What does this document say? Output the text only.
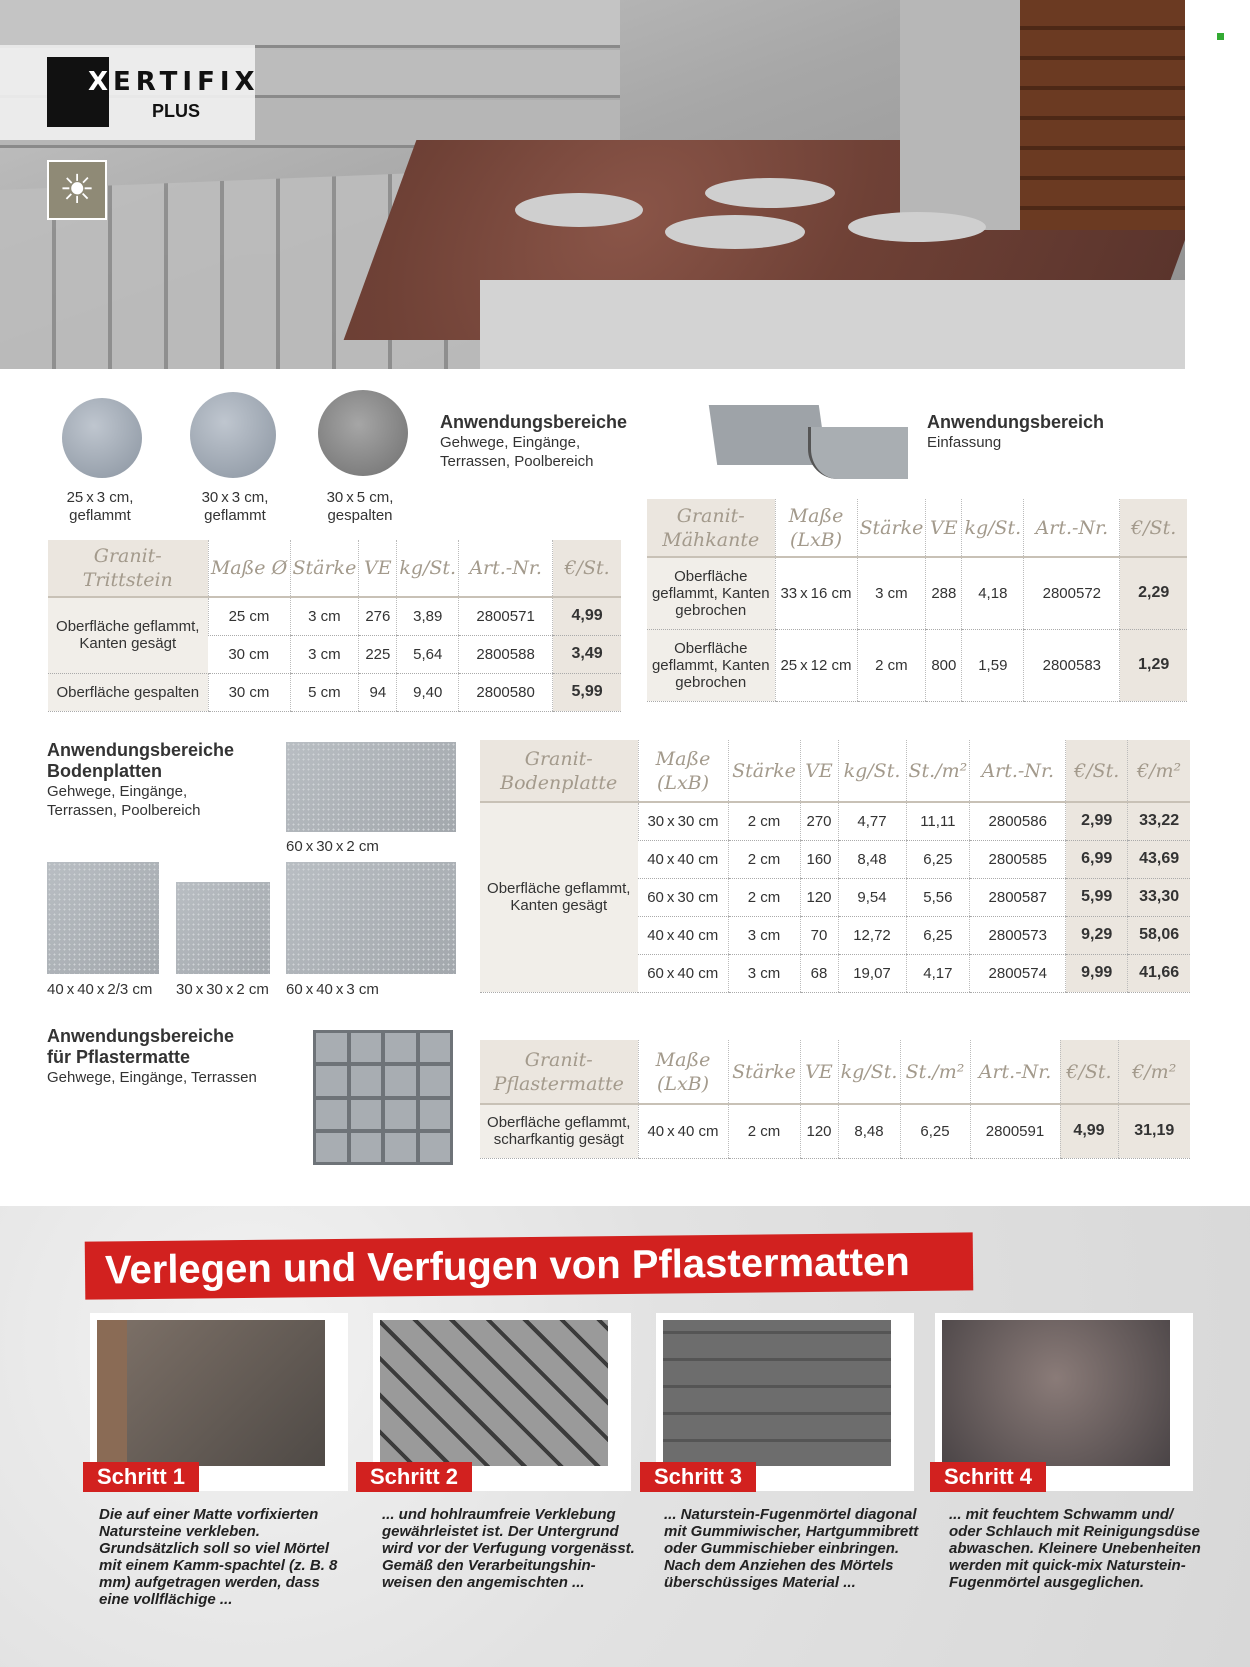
XERTIFIX
PLUS
☀
25 x 3 cm,
geflammt
30 x 3 cm,
geflammt
30 x 5 cm,
gespalten
Anwendungsbereiche
Gehwege, Eingänge,
Terrassen, Poolbereich
Granit-Trittstein	Maße Ø	Stärke	VE	kg/St.	Art.-Nr.	€/St.
Oberfläche geflammt, Kanten gesägt	25 cm	3 cm	276	3,89	2800571	4,99
	30 cm	3 cm	225	5,64	2800588	3,49
Oberfläche gespalten	30 cm	5 cm	94	9,40	2800580	5,99
Anwendungsbereich
Einfassung
Granit-Mähkante	Maße (LxB)	Stärke	VE	kg/St.	Art.-Nr.	€/St.
Oberfläche geflammt, Kanten gebrochen	33 x 16 cm	3 cm	288	4,18	2800572	2,29
Oberfläche geflammt, Kanten gebrochen	25 x 12 cm	2 cm	800	1,59	2800583	1,29
Anwendungsbereiche
Bodenplatten
Gehwege, Eingänge,
Terrassen, Poolbereich
60 x 30 x 2 cm
40 x 40 x 2/3 cm 30 x 30 x 2 cm 60 x 40 x 3 cm
Granit-Bodenplatte	Maße (LxB)	Stärke	VE	kg/St.	St./m²	Art.-Nr.	€/St.	€/m²
Oberfläche geflammt, Kanten gesägt	30 x 30 cm	2 cm	270	4,77	11,11	2800586	2,99	33,22
	40 x 40 cm	2 cm	160	8,48	6,25	2800585	6,99	43,69
	60 x 30 cm	2 cm	120	9,54	5,56	2800587	5,99	33,30
	40 x 40 cm	3 cm	70	12,72	6,25	2800573	9,29	58,06
	60 x 40 cm	3 cm	68	19,07	4,17	2800574	9,99	41,66
Anwendungsbereiche
für Pflastermatte
Gehwege, Eingänge, Terrassen
Granit-Pflastermatte	Maße (LxB)	Stärke	VE	kg/St.	St./m²	Art.-Nr.	€/St.	€/m²
Oberfläche geflammt, scharfkantig gesägt	40 x 40 cm	2 cm	120	8,48	6,25	2800591	4,99	31,19
Verlegen und Verfugen von Pflastermatten
Schritt 1	Schritt 2	Schritt 3	Schritt 4
Die auf einer Matte vorfixierten Natursteine verkleben. Grundsätzlich soll so viel Mörtel mit einem Kamm-spachtel (z. B. 8 mm) aufgetragen werden, dass eine vollflächige ...
... und hohlraumfreie Verklebung gewährleistet ist. Der Untergrund wird vor der Verfugung vorgenässt. Gemäß den Verarbeitungshin-weisen den angemischten ...
... Naturstein-Fugenmörtel diagonal mit Gummiwischer, Hartgummibrett oder Gummischieber einbringen. Nach dem Anziehen des Mörtels überschüssiges Material ...
... mit feuchtem Schwamm und/ oder Schlauch mit Reinigungsdüse abwaschen. Kleinere Unebenheiten werden mit quick-mix Naturstein-Fugenmörtel ausgeglichen.
